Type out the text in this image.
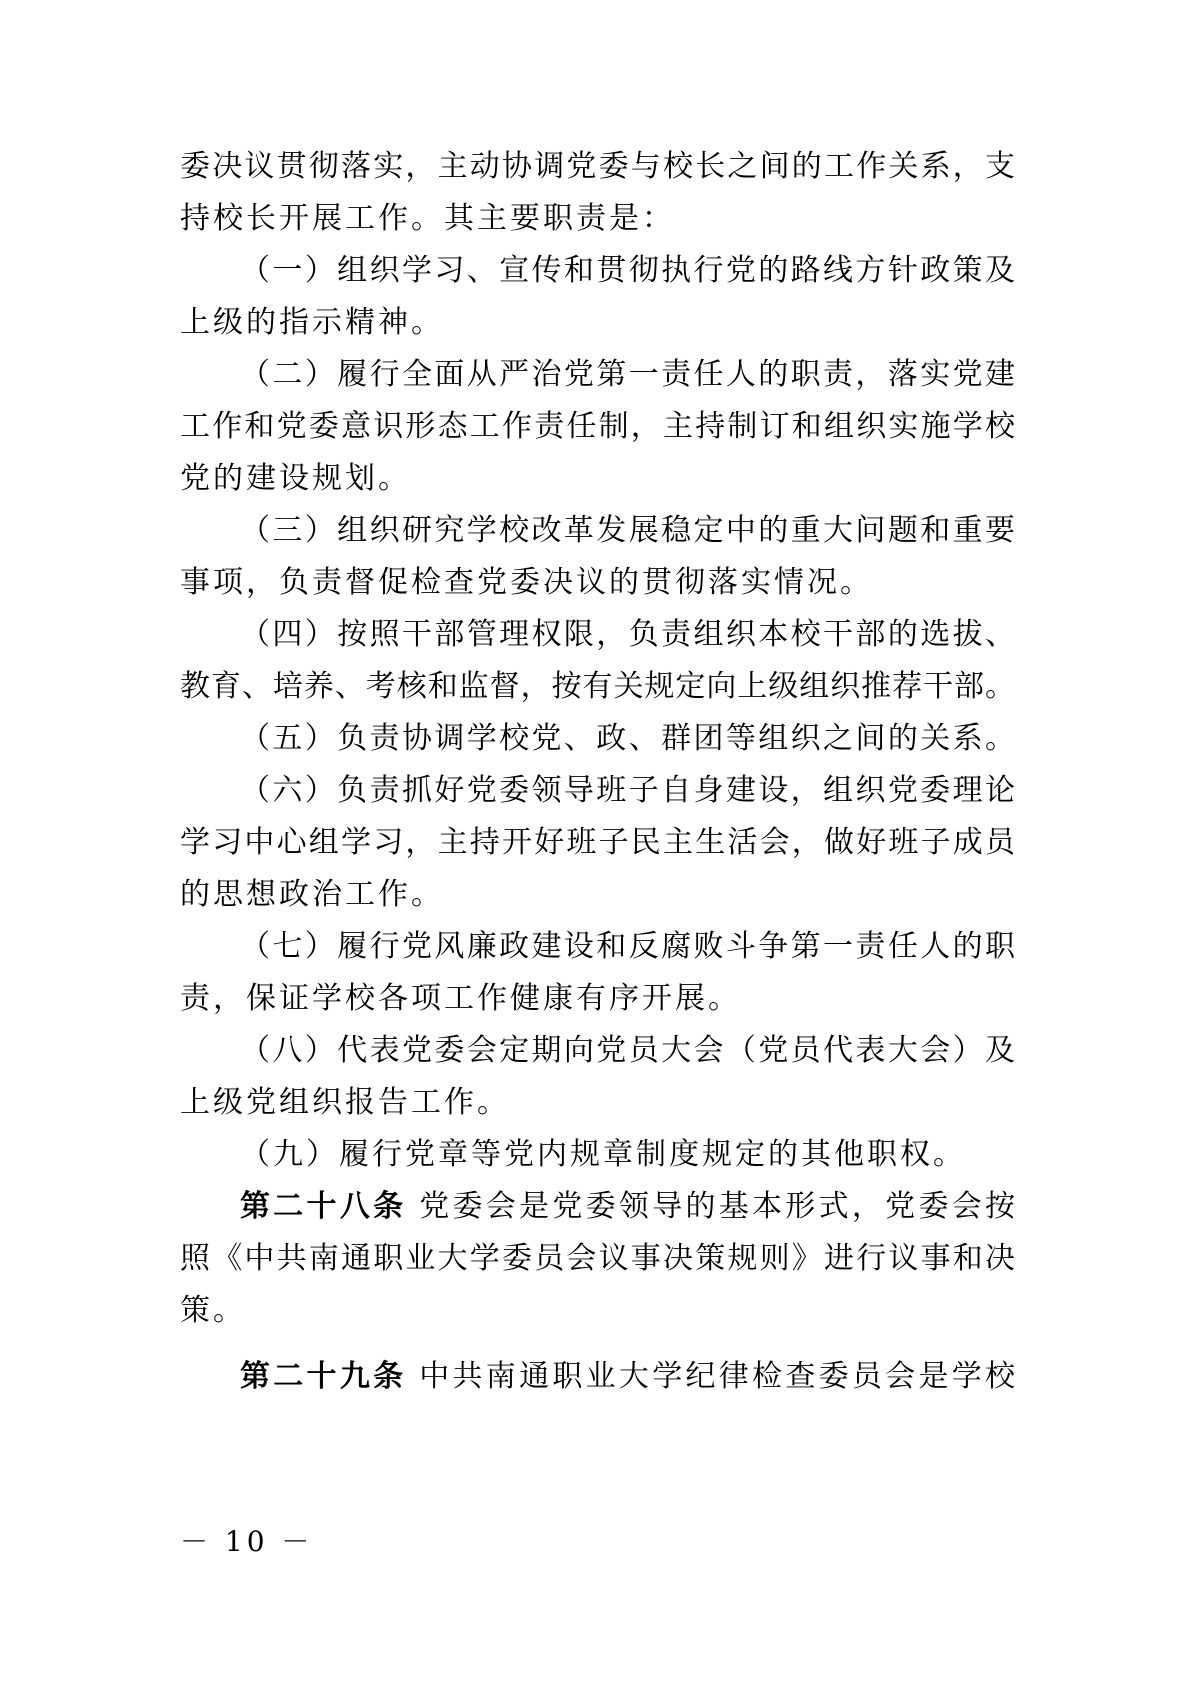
委决议贯彻落实，主动协调党委与校长之间的工作关系，支
持校长开展工作。其主要职责是：
（一）组织学习、宣传和贯彻执行党的路线方针政策及
上级的指示精神。
（二）履行全面从严治党第一责任人的职责，落实党建
工作和党委意识形态工作责任制，主持制订和组织实施学校
党的建设规划。
（三）组织研究学校改革发展稳定中的重大问题和重要
事项，负责督促检查党委决议的贯彻落实情况。
（四）按照干部管理权限，负责组织本校干部的选拔、
教育、培养、考核和监督，按有关规定向上级组织推荐干部。
（五）负责协调学校党、政、群团等组织之间的关系。
（六）负责抓好党委领导班子自身建设，组织党委理论
学习中心组学习，主持开好班子民主生活会，做好班子成员
的思想政治工作。
（七）履行党风廉政建设和反腐败斗争第一责任人的职
责，保证学校各项工作健康有序开展。
（八）代表党委会定期向党员大会（党员代表大会）及
上级党组织报告工作。
（九）履行党章等党内规章制度规定的其他职权。
第二十八条 党委会是党委领导的基本形式，党委会按
照《中共南通职业大学委员会议事决策规则》进行议事和决
策。
第二十九条 中共南通职业大学纪律检查委员会是学校
－ 10 －
